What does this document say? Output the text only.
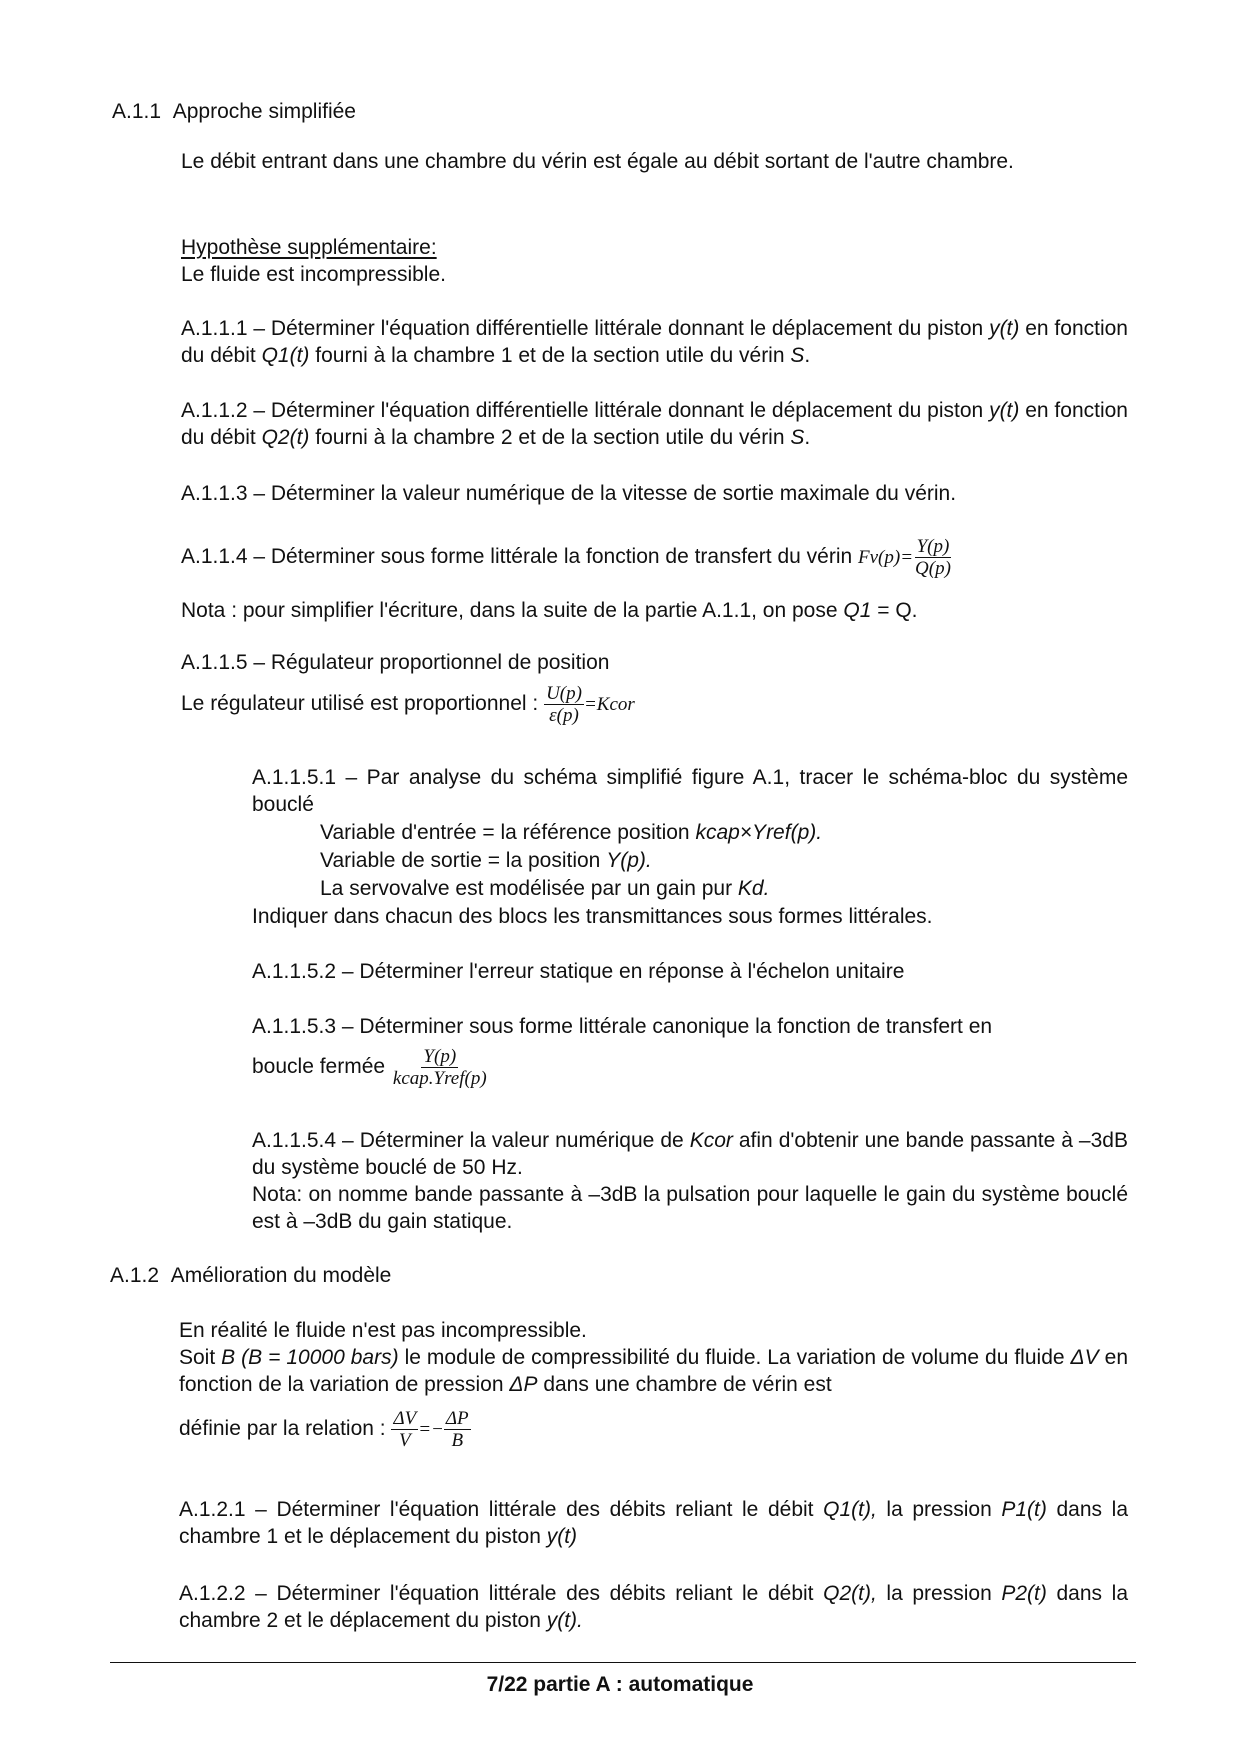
A.1.1 Approche simplifiée
Le débit entrant dans une chambre du vérin est égale au débit sortant de l'autre chambre.
Hypothèse supplémentaire:
Le fluide est incompressible.
A.1.1.1 – Déterminer l'équation différentielle littérale donnant le déplacement du piston y(t) en fonction du débit Q1(t) fourni à la chambre 1 et de la section utile du vérin S.
A.1.1.2 – Déterminer l'équation différentielle littérale donnant le déplacement du piston y(t) en fonction du débit Q2(t) fourni à la chambre 2 et de la section utile du vérin S.
A.1.1.3 – Déterminer la valeur numérique de la vitesse de sortie maximale du vérin.
A.1.1.4 – Déterminer sous forme littérale la fonction de transfert du vérin $Fv(p)= \frac{Y(p)}{Q(p)}$
Nota : pour simplifier l'écriture, dans la suite de la partie A.1.1, on pose Q1 = Q.
A.1.1.5 – Régulateur proportionnel de position
Le régulateur utilisé est proportionnel : $\frac{U(p)}{\varepsilon(p)}$ =Kcor
A.1.1.5.1 – Par analyse du schéma simplifié figure A.1, tracer le schéma-bloc du système bouclé
Variable d'entrée = la référence position kcap×Yref(p).
Variable de sortie = la position Y(p).
La servovalve est modélisée par un gain pur Kd.
Indiquer dans chacun des blocs les transmittances sous formes littérales.
A.1.1.5.2 – Déterminer l'erreur statique en réponse à l'échelon unitaire
A.1.1.5.3 – Déterminer sous forme littérale canonique la fonction de transfert en
boucle fermée $\frac{Y(p)}{\text{kcap.Yref(p)}}$
A.1.1.5.4 – Déterminer la valeur numérique de Kcor afin d'obtenir une bande passante à –3dB du système bouclé de 50 Hz.
Nota: on nomme bande passante à –3dB la pulsation pour laquelle le gain du système bouclé est à –3dB du gain statique.
A.1.2 Amélioration du modèle
En réalité le fluide n'est pas incompressible.
Soit B (B = 10000 bars) le module de compressibilité du fluide. La variation de volume du fluide ΔV en fonction de la variation de pression ΔP dans une chambre de vérin est
définie par la relation : $\frac{\Delta V}{V} =- \frac{\Delta P}{B}$
A.1.2.1 – Déterminer l'équation littérale des débits reliant le débit Q1(t), la pression P1(t) dans la chambre 1 et le déplacement du piston y(t)
A.1.2.2 – Déterminer l'équation littérale des débits reliant le débit Q2(t), la pression P2(t) dans la chambre 2 et le déplacement du piston y(t).
7/22 partie A : automatique
